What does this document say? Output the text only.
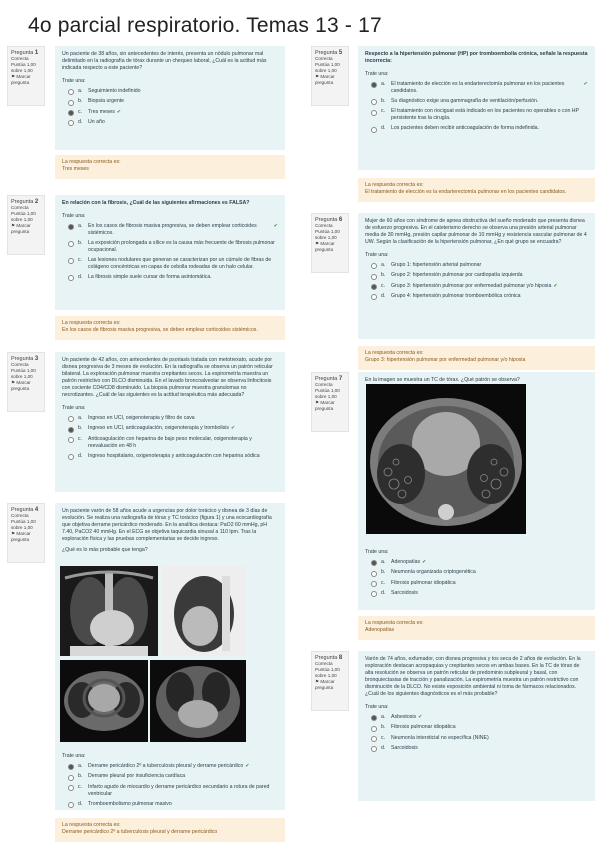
4o parcial respiratorio. Temas 13 - 17
Pregunta 1
Correcta
Puntúa 1,00 sobre 1,00
⚑ Marcar pregunta

Un paciente de 38 años, sin antecedentes de interés, presenta un nódulo pulmonar mal delimitado en la radiografía de tórax durante un chequeo laboral, ¿Cuál es la actitud más indicada respecto a este paciente?

Trate una:
a.	Seguimiento indefinido
b.	Biopsia urgente
c.	Tres meses ✔
d.	Un año
La respuesta correcta es:
Tres meses
Pregunta 2
Correcta
Puntúa 1,00 sobre 1,00
⚑ Marcar pregunta

En relación con la fibrosis, ¿Cuál de las siguientes afirmaciones es FALSA?

Trate una:
a.	En los casos de fibrosis masiva progresiva, se deben emplear corticoides sistémicos.
✔
b.	La exposición prolongada a sílice es la causa más frecuente de fibrosis pulmonar ocupacional.
c.	Las lesiones nodulares que generan se caracterizan por un cúmulo de fibras de colágeno concéntricas en capas de cebolla rodeadas de un halo celular.
d.	La fibrosis simple suele cursar de forma asintomática.
La respuesta correcta es:
En los casos de fibrosis masiva progresiva, se deben emplear corticoides sistémicos.
Pregunta 3
Correcta
Puntúa 1,00 sobre 1,00
⚑ Marcar pregunta

Un paciente de 42 años, con antecedentes de psoriasis tratada con metotrexato, acude por disnea progresiva de 3 meses de evolución. En la radiografía se observa un patrón reticular bilateral. La exploración pulmonar muestra crepitantes secos. La espirometría muestra un patrón restrictivo con DLCO disminuida. En el lavado broncoalveolar se observa linfocitosis con cociente CD4/CD8 disminuido. La biopsia pulmonar muestra granulomas no necrotizantes. ¿Cuál de las siguientes es la actitud terapéutica más adecuada?

Trate una:
a.	Ingreso en UCI, oxigenoterapia y filtro de cava
b.	Ingreso en UCI, anticoagulación, oxigenoterapia y trombolisis ✔
c.	Anticoagulación con heparina de bajo peso molecular, oxigenoterapia y reevaluación en 48 h
d.	Ingreso hospitalario, oxigenoterapia y anticoagulación con heparina sódica
Pregunta 4
Correcta
Puntúa 1,00 sobre 1,00
⚑ Marcar pregunta

Un paciente varón de 58 años acude a urgencias por dolor torácico y disnea de 3 días de evolución. Se realiza una radiografía de tórax y TC torácico (figura 1) y una ecocardiografía que objetiva derrame pericárdico moderado. En la analítica destaca: PaO2 60 mmHg, pH 7.40, PaCO2 40 mmHg. En el ECG se objetiva taquicardia sinusal a 110 lpm. Tras la exploración física y las pruebas complementarias se decide ingreso.

¿Qué es lo más probable que tenga?

Trate una:
a.	Derrame pericárdico 2º a tuberculosis pleural y derrame pericárdico ✔
b.	Derrame pleural por insuficiencia cardíaca
c.	Infarto agudo de miocardio y derrame pericárdico secundario a rotura de pared ventricular
d.	Tromboembolismo pulmonar masivo
La respuesta correcta es:
Derrame pericárdico 2º a tuberculosis pleural y derrame pericárdico
Pregunta 5
Correcta
Puntúa 1,00 sobre 1,00
⚑ Marcar pregunta

Respecto a la hipertensión pulmonar (HP) por tromboembolia crónica, señale la respuesta incorrecta:

Trate una:
a.	El tratamiento de elección es la endarterectomía pulmonar en los pacientes candidatos.
✔
b.	Su diagnóstico exige una gammagrafía de ventilación/perfusión.
c.	El tratamiento con riociguat está indicado en los pacientes no operables o con HP persistente tras la cirugía.
d.	Los pacientes deben recibir anticoagulación de forma indefinida.
La respuesta correcta es:
El tratamiento de elección es la endarterectomía pulmonar en los pacientes candidatos.
Pregunta 6
Correcta
Puntúa 1,00 sobre 1,00
⚑ Marcar pregunta

Mujer de 60 años con síndrome de apnea obstructiva del sueño moderado que presenta disnea de esfuerzo progresiva. En el cateterismo derecho se observa una presión arterial pulmonar media de 30 mmHg, presión capilar pulmonar de 10 mmHg y resistencia vascular pulmonar de 4 UW. Según la clasificación de la hipertensión pulmonar, ¿En qué grupo se encuadra?

Trate una:
a.	Grupo 1: hipertensión arterial pulmonar
b.	Grupo 2: hipertensión pulmonar por cardiopatía izquierda
c.	Grupo 3: hipertensión pulmonar por enfermedad pulmonar y/o hipoxia ✔
d.	Grupo 4: hipertensión pulmonar tromboembólica crónica
La respuesta correcta es:
Grupo 3: hipertensión pulmonar por enfermedad pulmonar y/o hipoxia
Pregunta 7
Correcta
Puntúa 1,00 sobre 1,00
⚑ Marcar pregunta

En la imagen se muestra un TC de tórax. ¿Qué patrón se observa?

Trate una:
a.	Adenopatías ✔
b.	Neumonía organizada criptogenética
c.	Fibrosis pulmonar idiopática
d.	Sarcoidosis
La respuesta correcta es:
Adenopatías
Pregunta 8
Correcta
Puntúa 1,00 sobre 1,00
⚑ Marcar pregunta

Varón de 74 años, exfumador, con disnea progresiva y tos seca de 2 años de evolución. En la exploración destacan acropaquias y crepitantes secos en ambas bases. En la TC de tórax de alta resolución se observa un patrón reticular de predominio subpleural y basal, con bronquiectasias de tracción y panalización. La espirometría muestra un patrón restrictivo con disminución de la DLCO. No existe exposición ambiental ni toma de fármacos relacionados. ¿Cuál de los siguientes diagnósticos es el más probable?

Trate una:
a.	Asbestosis ✔
b.	Fibrosis pulmonar idiopática
c.	Neumonía intersticial no específica (NINE)
d.	Sarcoidosis
